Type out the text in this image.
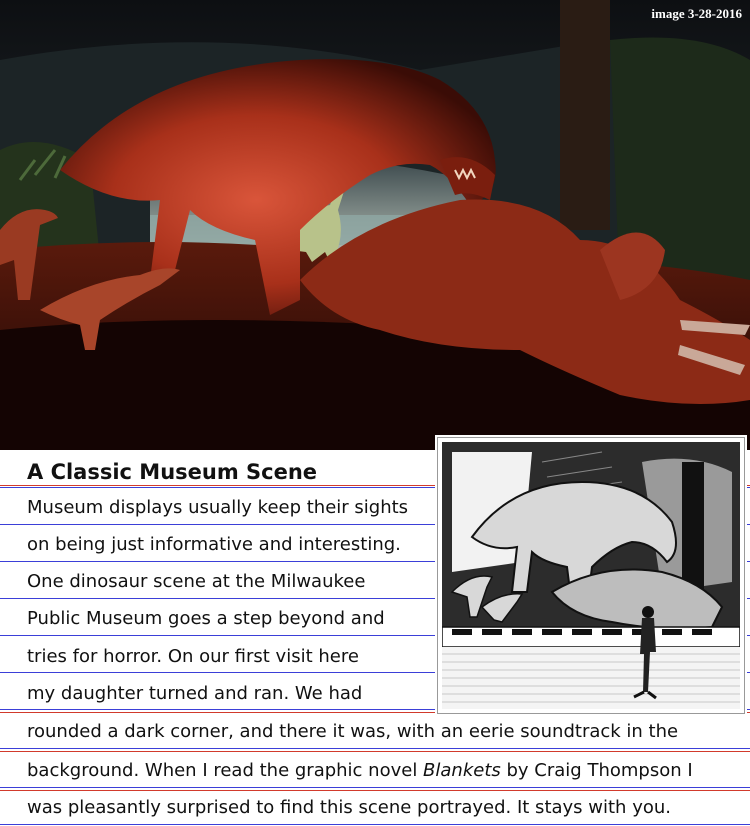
image 3-28-2016
A Classic Museum Scene
Museum displays usually keep their sights
on being just informative and interesting.
One dinosaur scene at the Milwaukee
Public Museum goes a step beyond and
tries for horror. On our first visit here
my daughter turned and ran. We had
rounded a dark corner, and there it was, with an eerie soundtrack in the
background. When I read the graphic novel Blankets by Craig Thompson I
was pleasantly surprised to find this scene portrayed. It stays with you.
